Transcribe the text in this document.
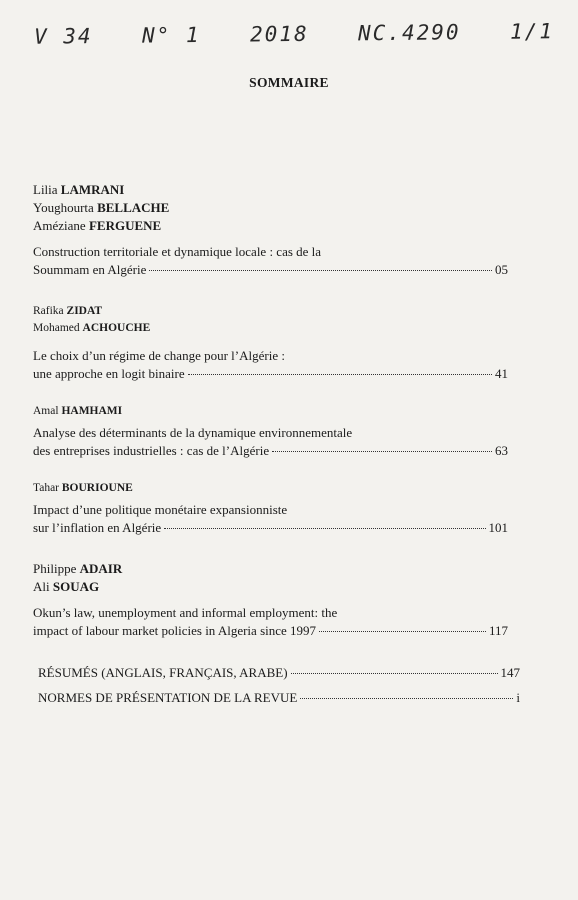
V 34 N° 1 2018 NC.4290 1/1
SOMMAIRE
Lilia LAMRANI
Youghourta BELLACHE
Améziane FERGUENE
Construction territoriale et dynamique locale : cas de la
Soummam en Algérie	05
Rafika ZIDAT
Mohamed ACHOUCHE
Le choix d’un régime de change pour l’Algérie :
une approche en logit binaire	41
Amal HAMHAMI
Analyse des déterminants de la dynamique environnementale
des entreprises industrielles : cas de l’Algérie	63
Tahar BOURIOUNE
Impact d’une politique monétaire expansionniste
sur l’inflation en Algérie	101
Philippe ADAIR
Ali SOUAG
Okun’s law, unemployment and informal employment: the
impact of labour market policies in Algeria since 1997	117
RÉSUMÉS (ANGLAIS, FRANÇAIS, ARABE)	147
NORMES DE PRÉSENTATION DE LA REVUE	i
